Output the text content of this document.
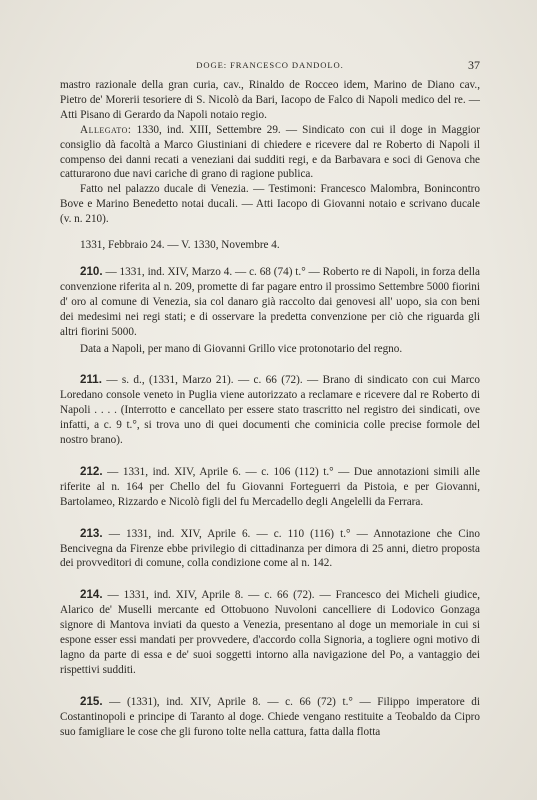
DOGE: FRANCESCO DANDOLO.	37

mastro razionale della gran curia, cav., Rinaldo de Rocceo idem, Marino de Diano cav., Pietro de' Morerii tesoriere di S. Nicolò da Bari, Iacopo de Falco di Napoli medico del re. — Atti Pisano di Gerardo da Napoli notaio regio.

Allegato: 1330, ind. XIII, Settembre 29. — Sindicato con cui il doge in Maggior consiglio dà facoltà a Marco Giustiniani di chiedere e ricevere dal re Roberto di Napoli il compenso dei danni recati a veneziani dai sudditi regi, e da Barbavara e soci di Genova che catturarono due navi cariche di grano di ragione publica.

Fatto nel palazzo ducale di Venezia. — Testimoni: Francesco Malombra, Bonincontro Bove e Marino Benedetto notai ducali. — Atti Iacopo di Giovanni notaio e scrivano ducale (v. n. 210).

1331, Febbraio 24. — V. 1330, Novembre 4.

210. — 1331, ind. XIV, Marzo 4. — c. 68 (74) t.° — Roberto re di Napoli, in forza della convenzione riferita al n. 209, promette di far pagare entro il prossimo Settembre 5000 fiorini d' oro al comune di Venezia, sia col danaro già raccolto dai genovesi all' uopo, sia con beni dei medesimi nei regi stati; e di osservare la predetta convenzione per ciò che riguarda gli altri fiorini 5000.

Data a Napoli, per mano di Giovanni Grillo vice protonotario del regno.

211. — s. d., (1331, Marzo 21). — c. 66 (72). — Brano di sindicato con cui Marco Loredano console veneto in Puglia viene autorizzato a reclamare e ricevere dal re Roberto di Napoli . . . . (Interrotto e cancellato per essere stato trascritto nel registro dei sindicati, ove infatti, a c. 9 t.°, si trova uno di quei documenti che cominicia colle precise formole del nostro brano).

212. — 1331, ind. XIV, Aprile 6. — c. 106 (112) t.° — Due annotazioni simili alle riferite al n. 164 per Chello del fu Giovanni Forteguerri da Pistoia, e per Giovanni, Bartolameo, Rizzardo e Nicolò figli del fu Mercadello degli Angelelli da Ferrara.

213. — 1331, ind. XIV, Aprile 6. — c. 110 (116) t.° — Annotazione che Cino Bencivegna da Firenze ebbe privilegio di cittadinanza per dimora di 25 anni, dietro proposta dei provveditori di comune, colla condizione come al n. 142.

214. — 1331, ind. XIV, Aprile 8. — c. 66 (72). — Francesco dei Micheli giudice, Alarico de' Muselli mercante ed Ottobuono Nuvoloni cancelliere di Lodovico Gonzaga signore di Mantova inviati da questo a Venezia, presentano al doge un memoriale in cui si espone esser essi mandati per provvedere, d'accordo colla Signoria, a togliere ogni motivo di lagno da parte di essa e de' suoi soggetti intorno alla navigazione del Po, a vantaggio dei rispettivi sudditi.

215. — (1331), ind. XIV, Aprile 8. — c. 66 (72) t.° — Filippo imperatore di Costantinopoli e principe di Taranto al doge. Chiede vengano restituite a Teobaldo da Cipro suo famigliare le cose che gli furono tolte nella cattura, fatta dalla flotta
